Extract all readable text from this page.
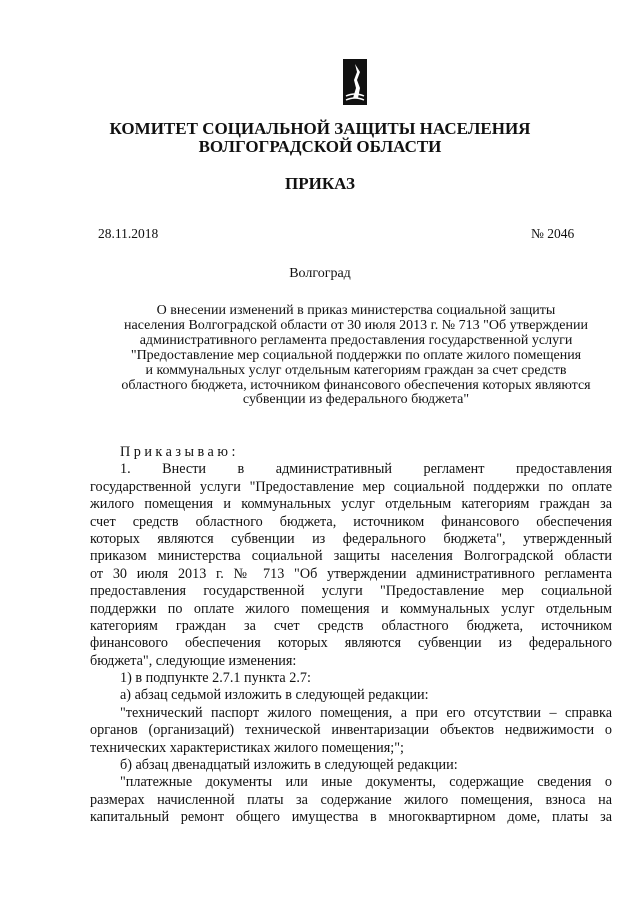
КОМИТЕТ СОЦИАЛЬНОЙ ЗАЩИТЫ НАСЕЛЕНИЯ
ВОЛГОГРАДСКОЙ ОБЛАСТИ
ПРИКАЗ
28.11.2018	№ 2046
Волгоград
О внесении изменений в приказ министерства социальной защиты
населения Волгоградской области от 30 июля 2013 г. № 713 "Об утверждении
административного регламента предоставления государственной услуги
"Предоставление мер социальной поддержки по оплате жилого помещения
и коммунальных услуг отдельным категориям граждан за счет средств
областного бюджета, источником финансового обеспечения которых являются
субвенции из федерального бюджета"
Приказываю:
1. Внести в административный регламент предоставления
государственной услуги "Предоставление мер социальной поддержки по оплате
жилого помещения и коммунальных услуг отдельным категориям граждан за
счет средств областного бюджета, источником финансового обеспечения
которых являются субвенции из федерального бюджета", утвержденный
приказом министерства социальной защиты населения Волгоградской области
от 30 июля 2013 г. № 713 "Об утверждении административного регламента
предоставления государственной услуги "Предоставление мер социальной
поддержки по оплате жилого помещения и коммунальных услуг отдельным
категориям граждан за счет средств областного бюджета, источником
финансового обеспечения которых являются субвенции из федерального
бюджета", следующие изменения:
1) в подпункте 2.7.1 пункта 2.7:
а) абзац седьмой изложить в следующей редакции:
"технический паспорт жилого помещения, а при его отсутствии – справка
органов (организаций) технической инвентаризации объектов недвижимости о
технических характеристиках жилого помещения;";
б) абзац двенадцатый изложить в следующей редакции:
"платежные документы или иные документы, содержащие сведения о
размерах начисленной платы за содержание жилого помещения, взноса на
капитальный ремонт общего имущества в многоквартирном доме, платы за
